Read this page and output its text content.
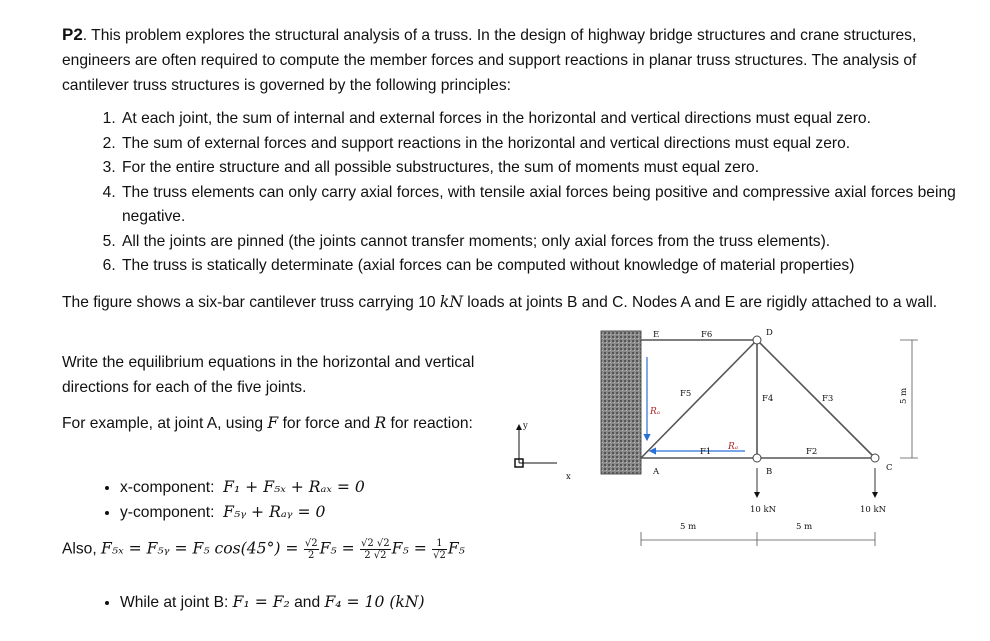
P2. This problem explores the structural analysis of a truss. In the design of highway bridge structures and crane structures, engineers are often required to compute the member forces and support reactions in planar truss structures. The analysis of cantilever truss structures is governed by the following principles:
1. At each joint, the sum of internal and external forces in the horizontal and vertical directions must equal zero.
2. The sum of external forces and support reactions in the horizontal and vertical directions must equal zero.
3. For the entire structure and all possible substructures, the sum of moments must equal zero.
4. The truss elements can only carry axial forces, with tensile axial forces being positive and compressive axial forces being negative.
5. All the joints are pinned (the joints cannot transfer moments; only axial forces from the truss elements).
6. The truss is statically determinate (axial forces can be computed without knowledge of material properties)
The figure shows a six-bar cantilever truss carrying 10 kN loads at joints B and C. Nodes A and E are rigidly attached to a wall.
Write the equilibrium equations in the horizontal and vertical directions for each of the five joints.
For example, at joint A, using F for force and R for reaction:
• x-component: F₁ + F₅ₓ + Rₐₓ = 0
• y-component: F₅ᵧ + Rₐᵧ = 0
Also, F₅ₓ = F₅ᵧ = F₅ $\cos(45^\circ) = \frac{√2}{2} F_5 = \frac{√2 √2}{2 √2} F_5 = \frac{1}{√2} F_5$
• While at joint B: F₁ = F₂ and F₄ = 10 (kN)
y
x
Rₐ
Rₐ
E	D
A	B	C
F6
F5	F4	F3
F1	F2
10 kN	10 kN
5 m	5 m
5 m
